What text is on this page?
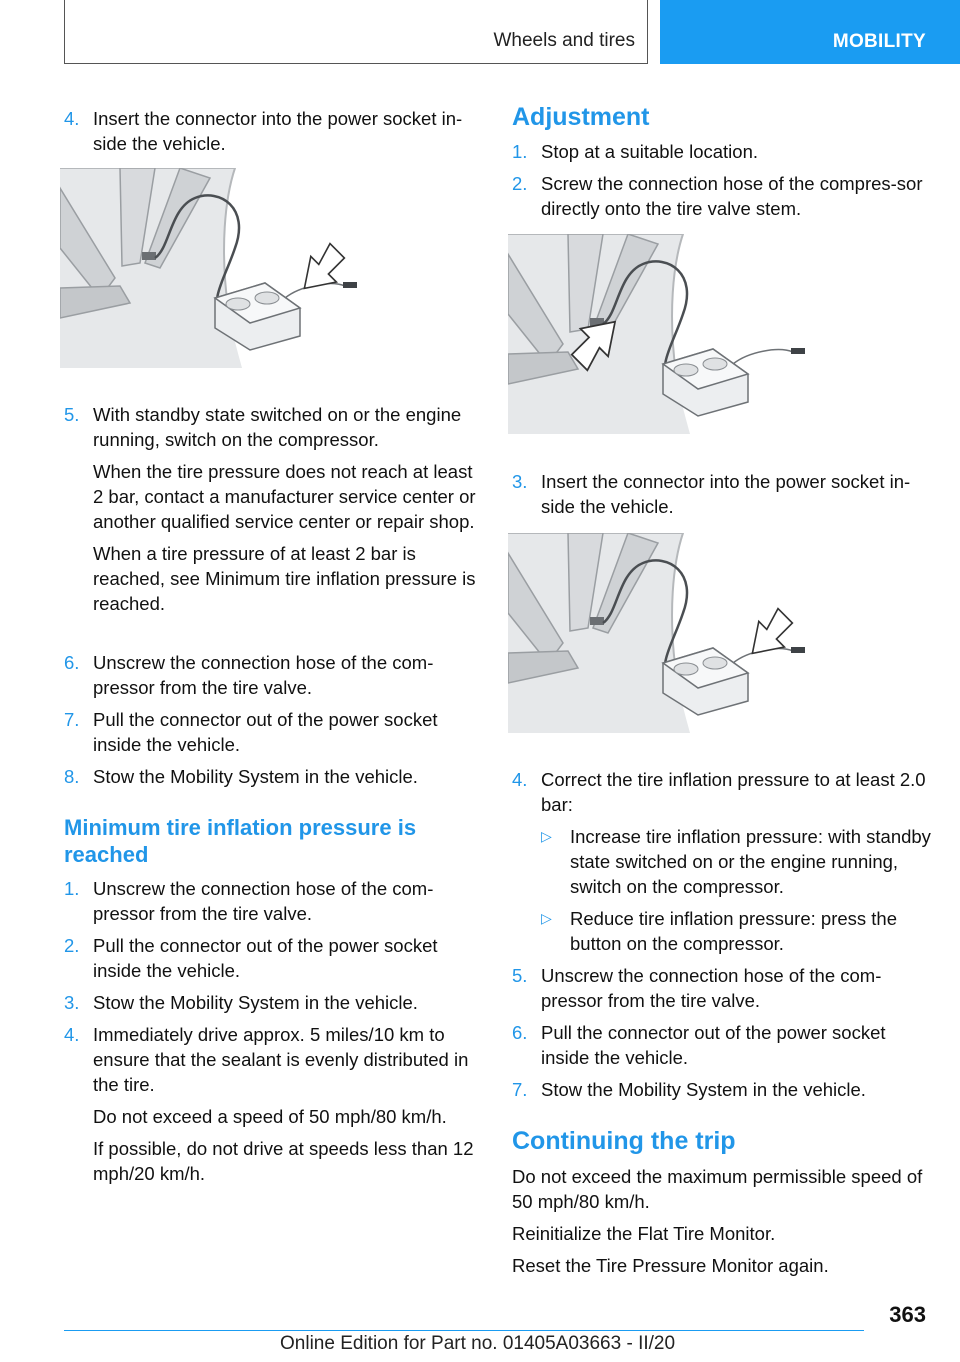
Wheels and tires	MOBILITY
4. Insert the connector into the power socket in-side the vehicle.
5. With standby state switched on or the engine running, switch on the compressor.
When the tire pressure does not reach at least 2 bar, contact a manufacturer service center or another qualified service center or repair shop.
When a tire pressure of at least 2 bar is reached, see Minimum tire inflation pressure is reached.
6. Unscrew the connection hose of the com-pressor from the tire valve.
7. Pull the connector out of the power socket inside the vehicle.
8. Stow the Mobility System in the vehicle.
Minimum tire inflation pressure is reached
1. Unscrew the connection hose of the com-pressor from the tire valve.
2. Pull the connector out of the power socket inside the vehicle.
3. Stow the Mobility System in the vehicle.
4. Immediately drive approx. 5 miles/10 km to ensure that the sealant is evenly distributed in the tire.
Do not exceed a speed of 50 mph/80 km/h.
If possible, do not drive at speeds less than 12 mph/20 km/h.
Adjustment
1. Stop at a suitable location.
2. Screw the connection hose of the compres-sor directly onto the tire valve stem.
3. Insert the connector into the power socket in-side the vehicle.
4. Correct the tire inflation pressure to at least 2.0 bar:
▷ Increase tire inflation pressure: with standby state switched on or the engine running, switch on the compressor.
▷ Reduce tire inflation pressure: press the button on the compressor.
5. Unscrew the connection hose of the com-pressor from the tire valve.
6. Pull the connector out of the power socket inside the vehicle.
7. Stow the Mobility System in the vehicle.
Continuing the trip
Do not exceed the maximum permissible speed of 50 mph/80 km/h.
Reinitialize the Flat Tire Monitor.
Reset the Tire Pressure Monitor again.
363
Online Edition for Part no. 01405A03663 - II/20
